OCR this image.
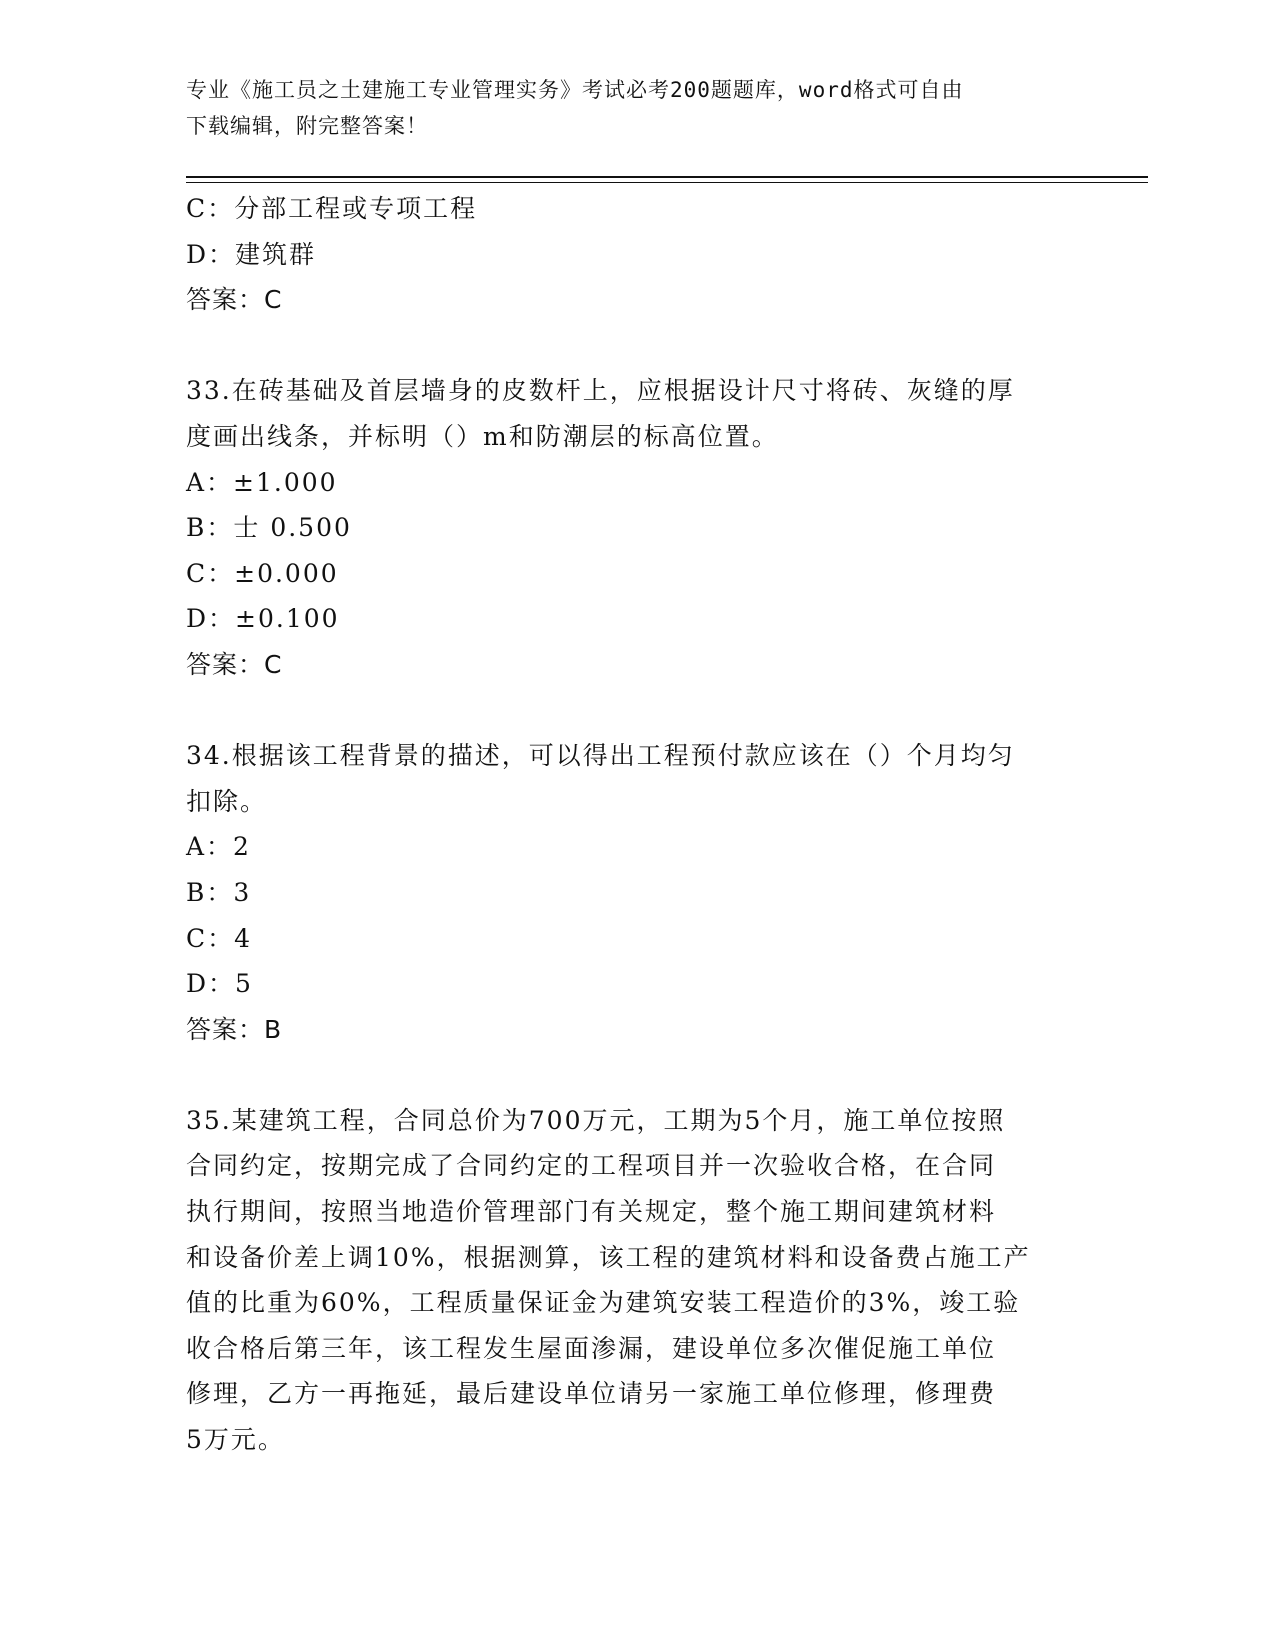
专业《施工员之土建施工专业管理实务》考试必考200题题库，word格式可自由
下载编辑，附完整答案！
C：分部工程或专项工程
D：建筑群
答案：C
33.在砖基础及首层墙身的皮数杆上，应根据设计尺寸将砖、灰缝的厚
度画出线条，并标明（）m和防潮层的标高位置。
A：±1.000
B：士 0.500
C：±0.000
D：±0.100
答案：C
34.根据该工程背景的描述，可以得出工程预付款应该在（）个月均匀
扣除。
A：2
B：3
C：4
D：5
答案：B
35.某建筑工程，合同总价为700万元，工期为5个月，施工单位按照
合同约定，按期完成了合同约定的工程项目并一次验收合格，在合同
执行期间，按照当地造价管理部门有关规定，整个施工期间建筑材料
和设备价差上调10%，根据测算，该工程的建筑材料和设备费占施工产
值的比重为60%，工程质量保证金为建筑安装工程造价的3%，竣工验
收合格后第三年，该工程发生屋面渗漏，建设单位多次催促施工单位
修理，乙方一再拖延，最后建设单位请另一家施工单位修理，修理费
5万元。
